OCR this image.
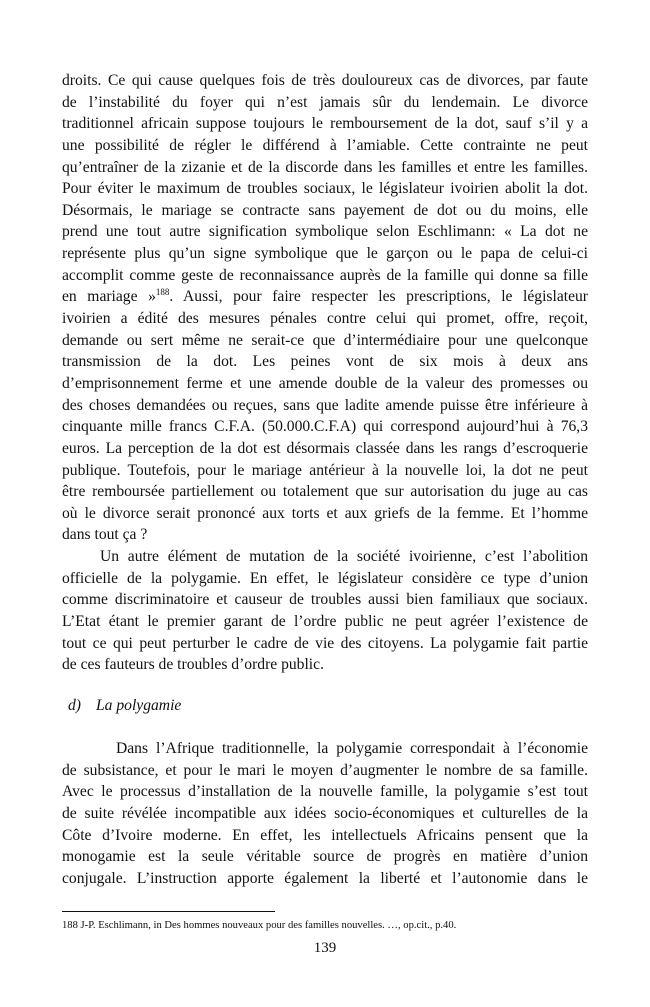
droits. Ce qui cause quelques fois de très douloureux cas de divorces, par faute
de l’instabilité du foyer qui n’est jamais sûr du lendemain. Le divorce
traditionnel africain suppose toujours le remboursement de la dot, sauf s’il y a
une possibilité de régler le différend à l’amiable. Cette contrainte ne peut
qu’entraîner de la zizanie et de la discorde dans les familles et entre les familles.
Pour éviter le maximum de troubles sociaux, le législateur ivoirien abolit la dot.
Désormais, le mariage se contracte sans payement de dot ou du moins, elle
prend une tout autre signification symbolique selon Eschlimann: « La dot ne
représente plus qu’un signe symbolique que le garçon ou le papa de celui-ci
accomplit comme geste de reconnaissance auprès de la famille qui donne sa fille
en mariage »$^{188}$. Aussi, pour faire respecter les prescriptions, le législateur
ivoirien a édité des mesures pénales contre celui qui promet, offre, reçoit,
demande ou sert même ne serait-ce que d’intermédiaire pour une quelconque
transmission de la dot. Les peines vont de six mois à deux ans
d’emprisonnement ferme et une amende double de la valeur des promesses ou
des choses demandées ou reçues, sans que ladite amende puisse être inférieure à
cinquante mille francs C.F.A. (50.000.C.F.A) qui correspond aujourd’hui à 76,3
euros. La perception de la dot est désormais classée dans les rangs d’escroquerie
publique. Toutefois, pour le mariage antérieur à la nouvelle loi, la dot ne peut
être remboursée partiellement ou totalement que sur autorisation du juge au cas
où le divorce serait prononcé aux torts et aux griefs de la femme. Et l’homme
dans tout ça ?
Un autre élément de mutation de la société ivoirienne, c’est l’abolition
officielle de la polygamie. En effet, le législateur considère ce type d’union
comme discriminatoire et causeur de troubles aussi bien familiaux que sociaux.
L’Etat étant le premier garant de l’ordre public ne peut agréer l’existence de
tout ce qui peut perturber le cadre de vie des citoyens. La polygamie fait partie
de ces fauteurs de troubles d’ordre public.
d) La polygamie
Dans l’Afrique traditionnelle, la polygamie correspondait à l’économie
de subsistance, et pour le mari le moyen d’augmenter le nombre de sa famille.
Avec le processus d’installation de la nouvelle famille, la polygamie s’est tout
de suite révélée incompatible aux idées socio-économiques et culturelles de la
Côte d’Ivoire moderne. En effet, les intellectuels Africains pensent que la
monogamie est la seule véritable source de progrès en matière d’union
conjugale. L’instruction apporte également la liberté et l’autonomie dans le
188 J-P. Eschlimann, in Des hommes nouveaux pour des familles nouvelles. …, op.cit., p.40.
139
